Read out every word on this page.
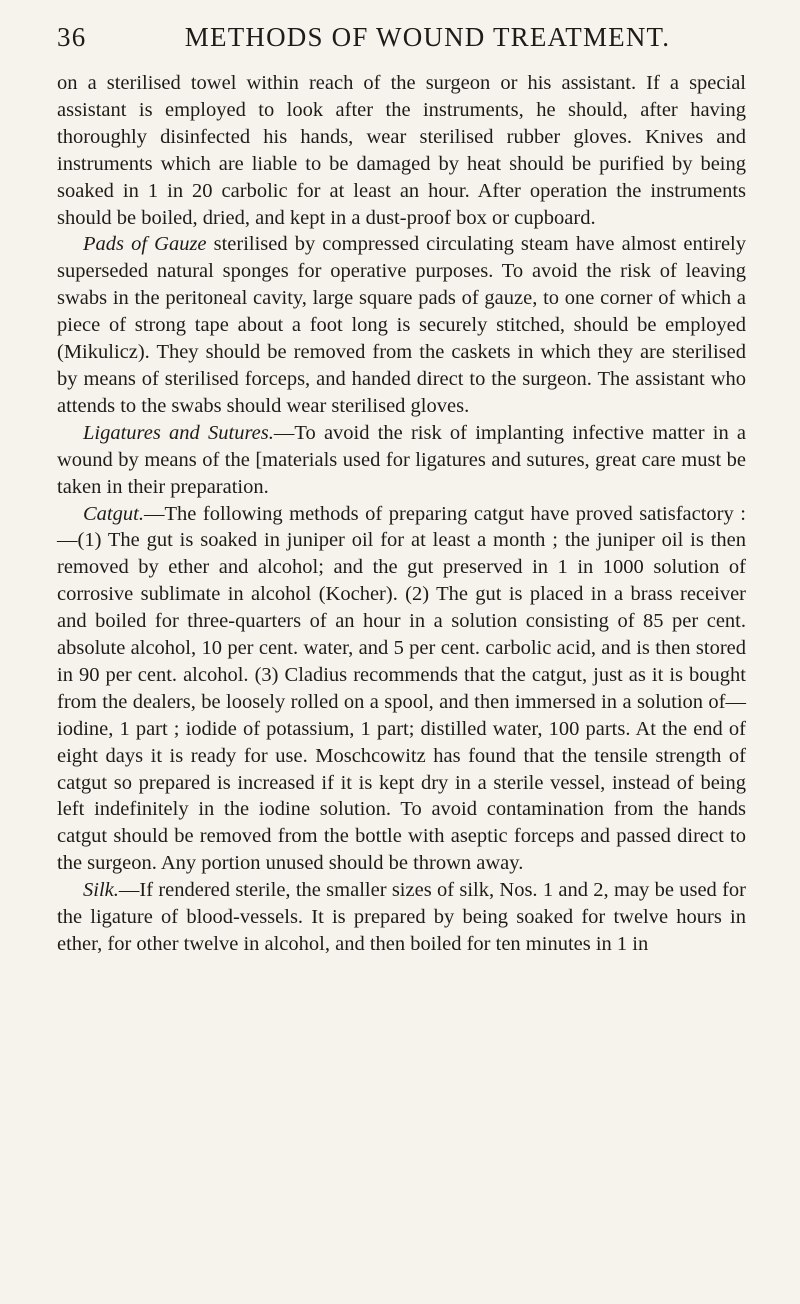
36	METHODS OF WOUND TREATMENT.

on a sterilised towel within reach of the surgeon or his assistant. If a special assistant is employed to look after the instruments, he should, after having thoroughly disinfected his hands, wear sterilised rubber gloves. Knives and instruments which are liable to be damaged by heat should be purified by being soaked in 1 in 20 carbolic for at least an hour. After operation the instruments should be boiled, dried, and kept in a dust-proof box or cupboard.

Pads of Gauze sterilised by compressed circulating steam have almost entirely superseded natural sponges for operative purposes. To avoid the risk of leaving swabs in the peritoneal cavity, large square pads of gauze, to one corner of which a piece of strong tape about a foot long is securely stitched, should be employed (Mikulicz). They should be removed from the caskets in which they are sterilised by means of sterilised forceps, and handed direct to the surgeon. The assistant who attends to the swabs should wear sterilised gloves.

Ligatures and Sutures.—To avoid the risk of implanting infective matter in a wound by means of the [materials used for ligatures and sutures, great care must be taken in their preparation.

Catgut.—The following methods of preparing catgut have proved satisfactory :—(1) The gut is soaked in juniper oil for at least a month ; the juniper oil is then removed by ether and alcohol; and the gut preserved in 1 in 1000 solution of corrosive sublimate in alcohol (Kocher). (2) The gut is placed in a brass receiver and boiled for three-quarters of an hour in a solution consisting of 85 per cent. absolute alcohol, 10 per cent. water, and 5 per cent. carbolic acid, and is then stored in 90 per cent. alcohol. (3) Cladius recommends that the catgut, just as it is bought from the dealers, be loosely rolled on a spool, and then immersed in a solution of—iodine, 1 part ; iodide of potassium, 1 part; distilled water, 100 parts. At the end of eight days it is ready for use. Moschcowitz has found that the tensile strength of catgut so prepared is increased if it is kept dry in a sterile vessel, instead of being left indefinitely in the iodine solution. To avoid contamination from the hands catgut should be removed from the bottle with aseptic forceps and passed direct to the surgeon. Any portion unused should be thrown away.

Silk.—If rendered sterile, the smaller sizes of silk, Nos. 1 and 2, may be used for the ligature of blood-vessels. It is prepared by being soaked for twelve hours in ether, for other twelve in alcohol, and then boiled for ten minutes in 1 in
